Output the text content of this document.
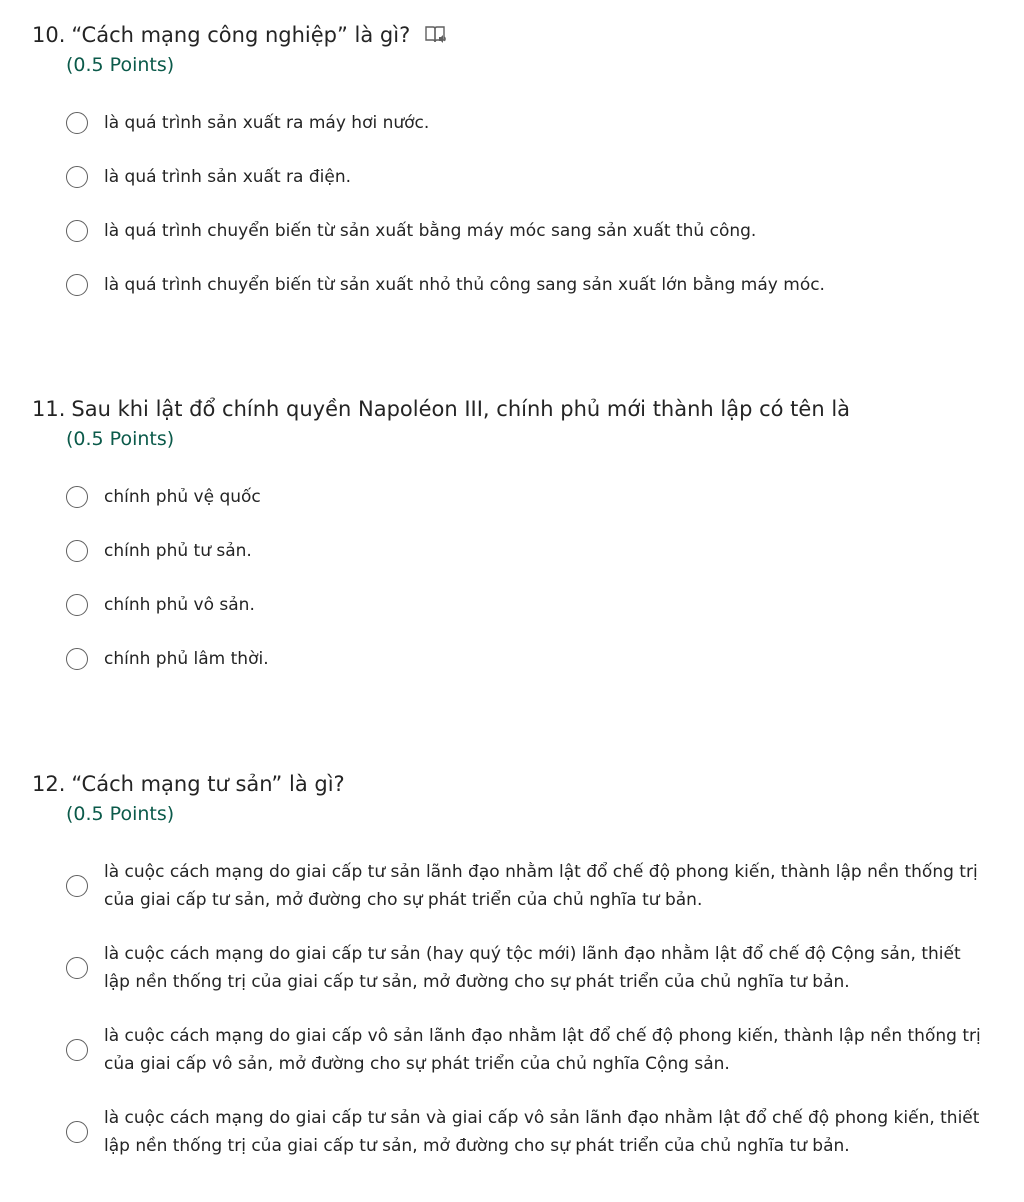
10. “Cách mạng công nghiệp” là gì?
(0.5 Points)
là quá trình sản xuất ra máy hơi nước.
là quá trình sản xuất ra điện.
là quá trình chuyển biến từ sản xuất bằng máy móc sang sản xuất thủ công.
là quá trình chuyển biến từ sản xuất nhỏ thủ công sang sản xuất lớn bằng máy móc.
11. Sau khi lật đổ chính quyền Napoléon III, chính phủ mới thành lập có tên là
(0.5 Points)
chính phủ vệ quốc
chính phủ tư sản.
chính phủ vô sản.
chính phủ lâm thời.
12. “Cách mạng tư sản” là gì?
(0.5 Points)
là cuộc cách mạng do giai cấp tư sản lãnh đạo nhằm lật đổ chế độ phong kiến, thành lập nền thống trị của giai cấp tư sản, mở đường cho sự phát triển của chủ nghĩa tư bản.
là cuộc cách mạng do giai cấp tư sản (hay quý tộc mới) lãnh đạo nhằm lật đổ chế độ Cộng sản, thiết lập nền thống trị của giai cấp tư sản, mở đường cho sự phát triển của chủ nghĩa tư bản.
là cuộc cách mạng do giai cấp vô sản lãnh đạo nhằm lật đổ chế độ phong kiến, thành lập nền thống trị của giai cấp vô sản, mở đường cho sự phát triển của chủ nghĩa Cộng sản.
là cuộc cách mạng do giai cấp tư sản và giai cấp vô sản lãnh đạo nhằm lật đổ chế độ phong kiến, thiết lập nền thống trị của giai cấp tư sản, mở đường cho sự phát triển của chủ nghĩa tư bản.
